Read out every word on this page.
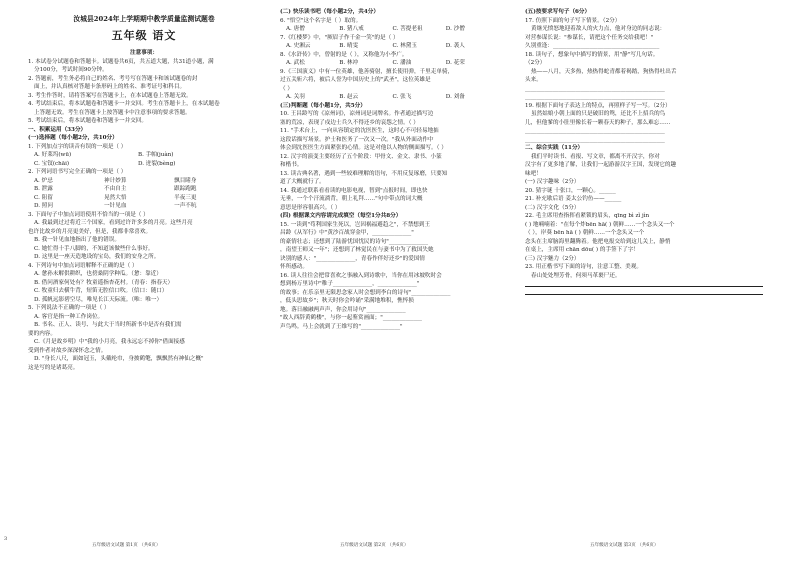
汝城县2024年上学期期中教学质量监测试题卷
五年级 语文
注意事项：
1. 本试卷分试题卷和答题卡。试题卷共6页，共五道大题，共31道小题，满
分100分，考试时间90分钟。
2. 答题前，考生务必将自己的姓名、考号写在答题卡和该试题卷的封
面上，并认真核对答题卡条形码上的姓名、准考证号和科目。
3. 考生作答时，请将答案写在答题卡上，在本试题卷上答题无效。
4. 考试结束后，将本试题卷和答题卡一并交回。考生在答题卡上，在本试题卷
上答题无效。考生在答题卡上按答题卡中注意事项的要求答题。
5. 考试结束后，将本试题卷和答题卡一并交回。
一、积累运用（33分）
(一)选择题（每小题2分，共10分）
1. 下列加点字的读音有误的一项是（ ）
A. 好莱坞(wū)	B. 手帕(juàn)
C. 宝钗(chāi)	D. 迸裂(bèng)
2. 下列词语书写完全正确的一项是（ ）
A. 炉忌	神计妙算	飘目睹身
B. 泄露	不由自主	跟踪跑跑
C. 阻留	晃然大悟	半夜三更
D. 照问	一针见血	一声不吭
3. 下面句子中加点词语使用不恰当的一项是（ ）
A. 我最到过过将近三个国家，看到过许许多多的月亮。这些月亮
也许比故乡的月亮更美好，但是，我都非常喜欢。
B. 我一针见血地指出了他的错误。
C. 她忙得十手八脚的，不知道该做些什么事好。
D. 这里是一座天造地设的宝岛，我们的安身之所。
4. 下列诗句中加点词语解释不正确的是（ ）
A. 惫孙未解供耕织，也傍桑阴学种瓜。（惫：靠近）
B. 借问酒家何处有？牧童遥指杏花村。（青春：指春天）
C. 牧童归去横牛背，短笛无腔信口吹。（信口：随口）
D. 孤帆远影碧空尽，唯见长江天际流。（唯：唯一）
5. 下列说法不正确的一项是（ ）
A. 客官是指一种工作岗位。
B. 书名、正人、读号、与此大于当时所新书中是否有我们需
要的内容。
C.《月是故乡明》中"我的小月亮，我永远忘不掉你"借面接感
受到作者对故乡深深怀念之情。
D. "身长八尺，面如冠玉，头戴纶巾，身披鹤氅，飘飘然有神仙之概"
这是写的是诸葛亮。
(二) 快乐读书吧（每小题2分，共4分）
6. "悟空"这个名字是（ ）取的。
A. 唐僧	B. 猪八戒	C. 菩提老祖	D. 沙僧
7.《红楼梦》中，"厥眉子作千金一笑"的是（ ）
A. 史湘云	B. 晴雯	C. 林黛玉	D. 袭人
8.《水浒传》中，曾射的是（ ），又称他为小李广。
A. 武松	B. 林冲	C. 潘油	D. 花荣
9.《三国演义》中有一位英雄，他善骑射，擅长使用弹，千里走单骑，
过五关斩六将，被后人誉为中国历史上的"武圣"，这位英雄是
（ ）
A. 关羽	B. 赵云	C. 张飞	D. 刘备
(三)判断题（每小题1分，共5分）
10. 王昌龄写的《凉州词》，凉州词是词牌名。作者通过描写边
塞的荒凉，表现了戍边士兵久不得还乡的哀怨之情。（ ）
11. "手术台上，一向从容镇定的沈医医生，这时心不可轻易地掂
这段话描写场景。护士和医务了一次又一次。"我从外面动作中
体会到沈医医生方面紧张的心情。这是对他以人物的侧面描写。（ ）
12. 汉字的演变主要经历了五个阶段：甲骨文、金文、隶书、小篆
和楷书。
13. 读古典名著，遇到一些较难理解的语句，不用反复琢磨，只要知
道了大概就行了。
14. 我通过联系看看读的电影电视，智到"点报时间，即也快
无垂，一个个汗流淌背，朝上礼拜……"句中带点的词大概
意思是形容很高兴。（ ）
(四) 根据课文内容请完成填空（每空1分共8分）
15. 一读到"苟利国家生死以，岂因祸福避趋之"，不禁想到王
昌龄《从军行》中"黄沙百战穿金甲，______________"
的豪情壮志；还想到了陆游忧国忧民的诗句"______________
，南望王师又一年"；还想到了林觉民在与妻书中为了救国失她
诀别的感人："______________，青春作伴好还乡"的爱国情
怀所感动。
16. 读人往往会把常喜欢之事融入到诗歌中，当你在用冰坡吹时会
想到杨万里诗中"稚子______________，______________"
的故事；在乐亲里无限思念家人时会想到李白的诗句"______________
，低头思故乡"；秋天时你会吟诵"采满地堆积，憔悴损
地。落日融融两声声，你会用诗句"______________
"故人西辞黄鹤楼"，与你一起鉴赏画面；"______________
声鸟鸣。马上会就到了王维写的"______________"
(五)按要求写句子（6分）
17. 仿照下面的句子写下情景。（2分）
黄继光愤怒地迎着敌人的火力点，他对身边的同志说：
对营参谋长说："参谋长，请把这个任务交给我吧！"
久别重逢：______________________________________
18. 读句子，想象句中描写的情景，用"静"写几句话。
（2分）
热——八月，天多热，热热得蛇青都着褐踏，狗热得吐出舌
头来。
__________________________________________________
__________________________________________________
19. 根据下面句子表达上的特点，再照样子写一写。（2分）
虽然姑娘小朝上面的只是破旧的鸳，还比不上招兵的鸟
儿，但他爹的小肚里像长着一颗春天的种子，那么难忘……
__________________________________________________
__________________________________________________
二、综合实践（11分）
我们平时读书、看报、写文章，都离不开汉字，你对
汉字有了更多地了解，让我们一起游游汉字王国，发现它的趣
味吧！
(一) 汉字趣味（2分）
20. 猜字谜 十张口，一颗心。______
21. 补充歇后语 姜太公钓鱼——______
(二) 汉字文化（5分）
22. 毛主席用查指挥看紧锁的眉头，qīng bì zǐ jìn
( ) 地喃喃着："在每个炸bēn hā( ) 朝鲜……一个念头又一个
（ ），岸葵 bēn hā ( ) 朝鲜……一个念头又一个
念头在主席脑海里翻腾着。他把电报交给到这儿关上，静悄
在桌上，主席用 chān dōu( ) 的手签下了字！
(三) 汉字魅力（2分）
23. 用正楷书写下面的诗句，注意工整、美观。
春山处处埋芳骨，何须马革裹尸还。
五年级语文试题 第1页 （共6页）	五年级语文试题 第2页 （共6页）	五年级语文试题 第3页 （共6页）
3
